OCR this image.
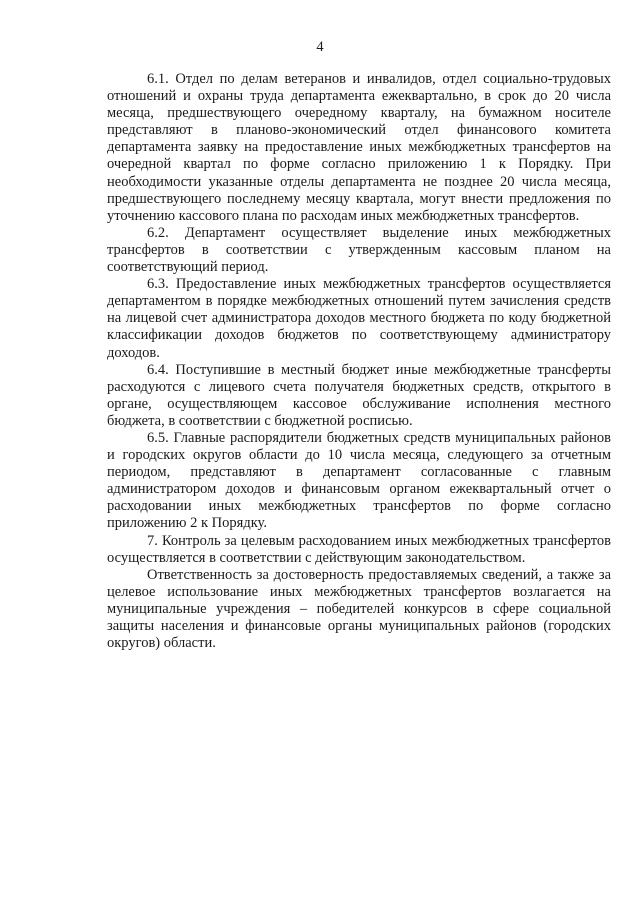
4

6.1. Отдел по делам ветеранов и инвалидов, отдел социально-трудовых отношений и охраны труда департамента ежеквартально, в срок до 20 числа месяца, предшествующего очередному кварталу, на бумажном носителе представляют в планово-экономический отдел финансового комитета департамента заявку на предоставление иных межбюджетных трансфертов на очередной квартал по форме согласно приложению 1 к Порядку. При необходимости указанные отделы департамента не позднее 20 числа месяца, предшествующего последнему месяцу квартала, могут внести предложения по уточнению кассового плана по расходам иных межбюджетных трансфертов.

6.2. Департамент осуществляет выделение иных межбюджетных трансфертов в соответствии с утвержденным кассовым планом на соответствующий период.

6.3. Предоставление иных межбюджетных трансфертов осуществляется департаментом в порядке межбюджетных отношений путем зачисления средств на лицевой счет администратора доходов местного бюджета по коду бюджетной классификации доходов бюджетов по соответствующему администратору доходов.

6.4. Поступившие в местный бюджет иные межбюджетные трансферты расходуются с лицевого счета получателя бюджетных средств, открытого в органе, осуществляющем кассовое обслуживание исполнения местного бюджета, в соответствии с бюджетной росписью.

6.5. Главные распорядители бюджетных средств муниципальных районов и городских округов области до 10 числа месяца, следующего за отчетным периодом, представляют в департамент согласованные с главным администратором доходов и финансовым органом ежеквартальный отчет о расходовании иных межбюджетных трансфертов по форме согласно приложению 2 к Порядку.

7. Контроль за целевым расходованием иных межбюджетных трансфертов осуществляется в соответствии с действующим законодательством.

Ответственность за достоверность предоставляемых сведений, а также за целевое использование иных межбюджетных трансфертов возлагается на муниципальные учреждения – победителей конкурсов в сфере социальной защиты населения и финансовые органы муниципальных районов (городских округов) области.
